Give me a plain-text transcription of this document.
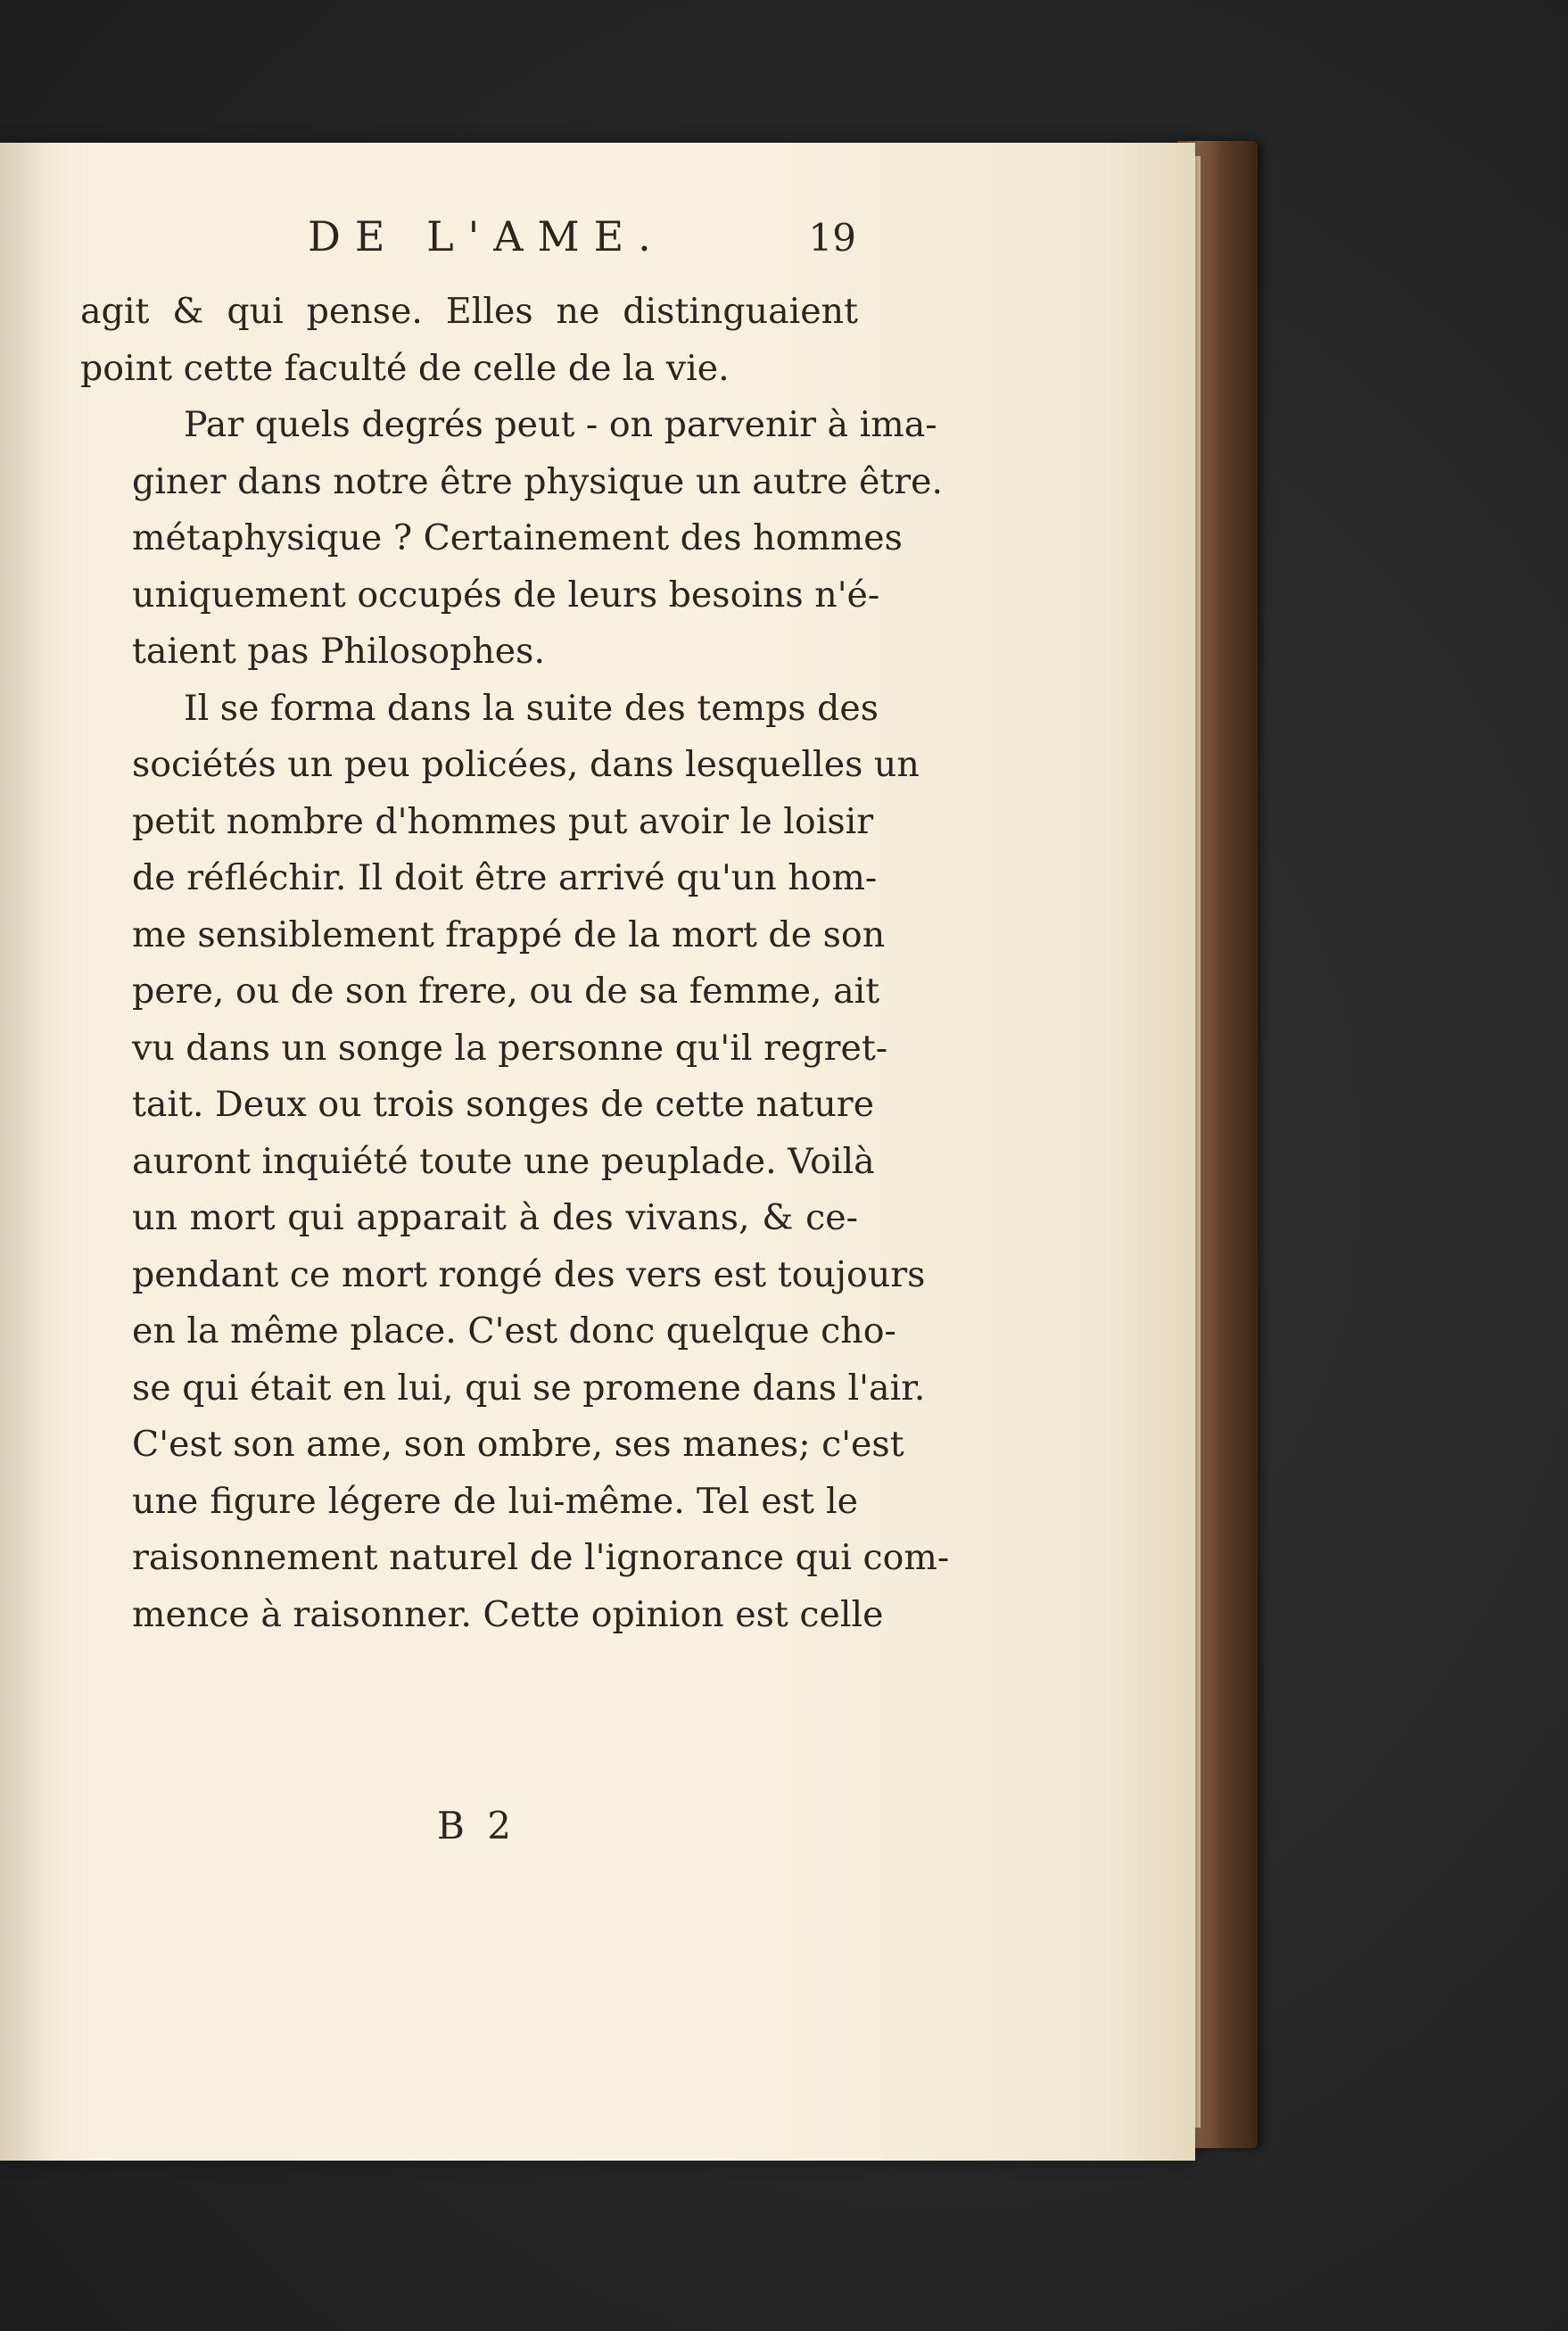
DE L'AME.	19

agit & qui pense. Elles ne distinguaient
point cette faculté de celle de la vie.

Par quels degrés peut - on parvenir à ima-
giner dans notre être physique un autre être.
métaphysique ? Certainement des hommes
uniquement occupés de leurs besoins n'é-
taient pas Philosophes.

Il se forma dans la suite des temps des
sociétés un peu policées, dans lesquelles un
petit nombre d'hommes put avoir le loisir
de réfléchir. Il doit être arrivé qu'un hom-
me sensiblement frappé de la mort de son
pere, ou de son frere, ou de sa femme, ait
vu dans un songe la personne qu'il regret-
tait. Deux ou trois songes de cette nature
auront inquiété toute une peuplade. Voilà
un mort qui apparait à des vivans, & ce-
pendant ce mort rongé des vers est toujours
en la même place. C'est donc quelque cho-
se qui était en lui, qui se promene dans l'air.
C'est son ame, son ombre, ses manes; c'est
une figure légere de lui-même. Tel est le
raisonnement naturel de l'ignorance qui com-
mence à raisonner. Cette opinion est celle

B 2
